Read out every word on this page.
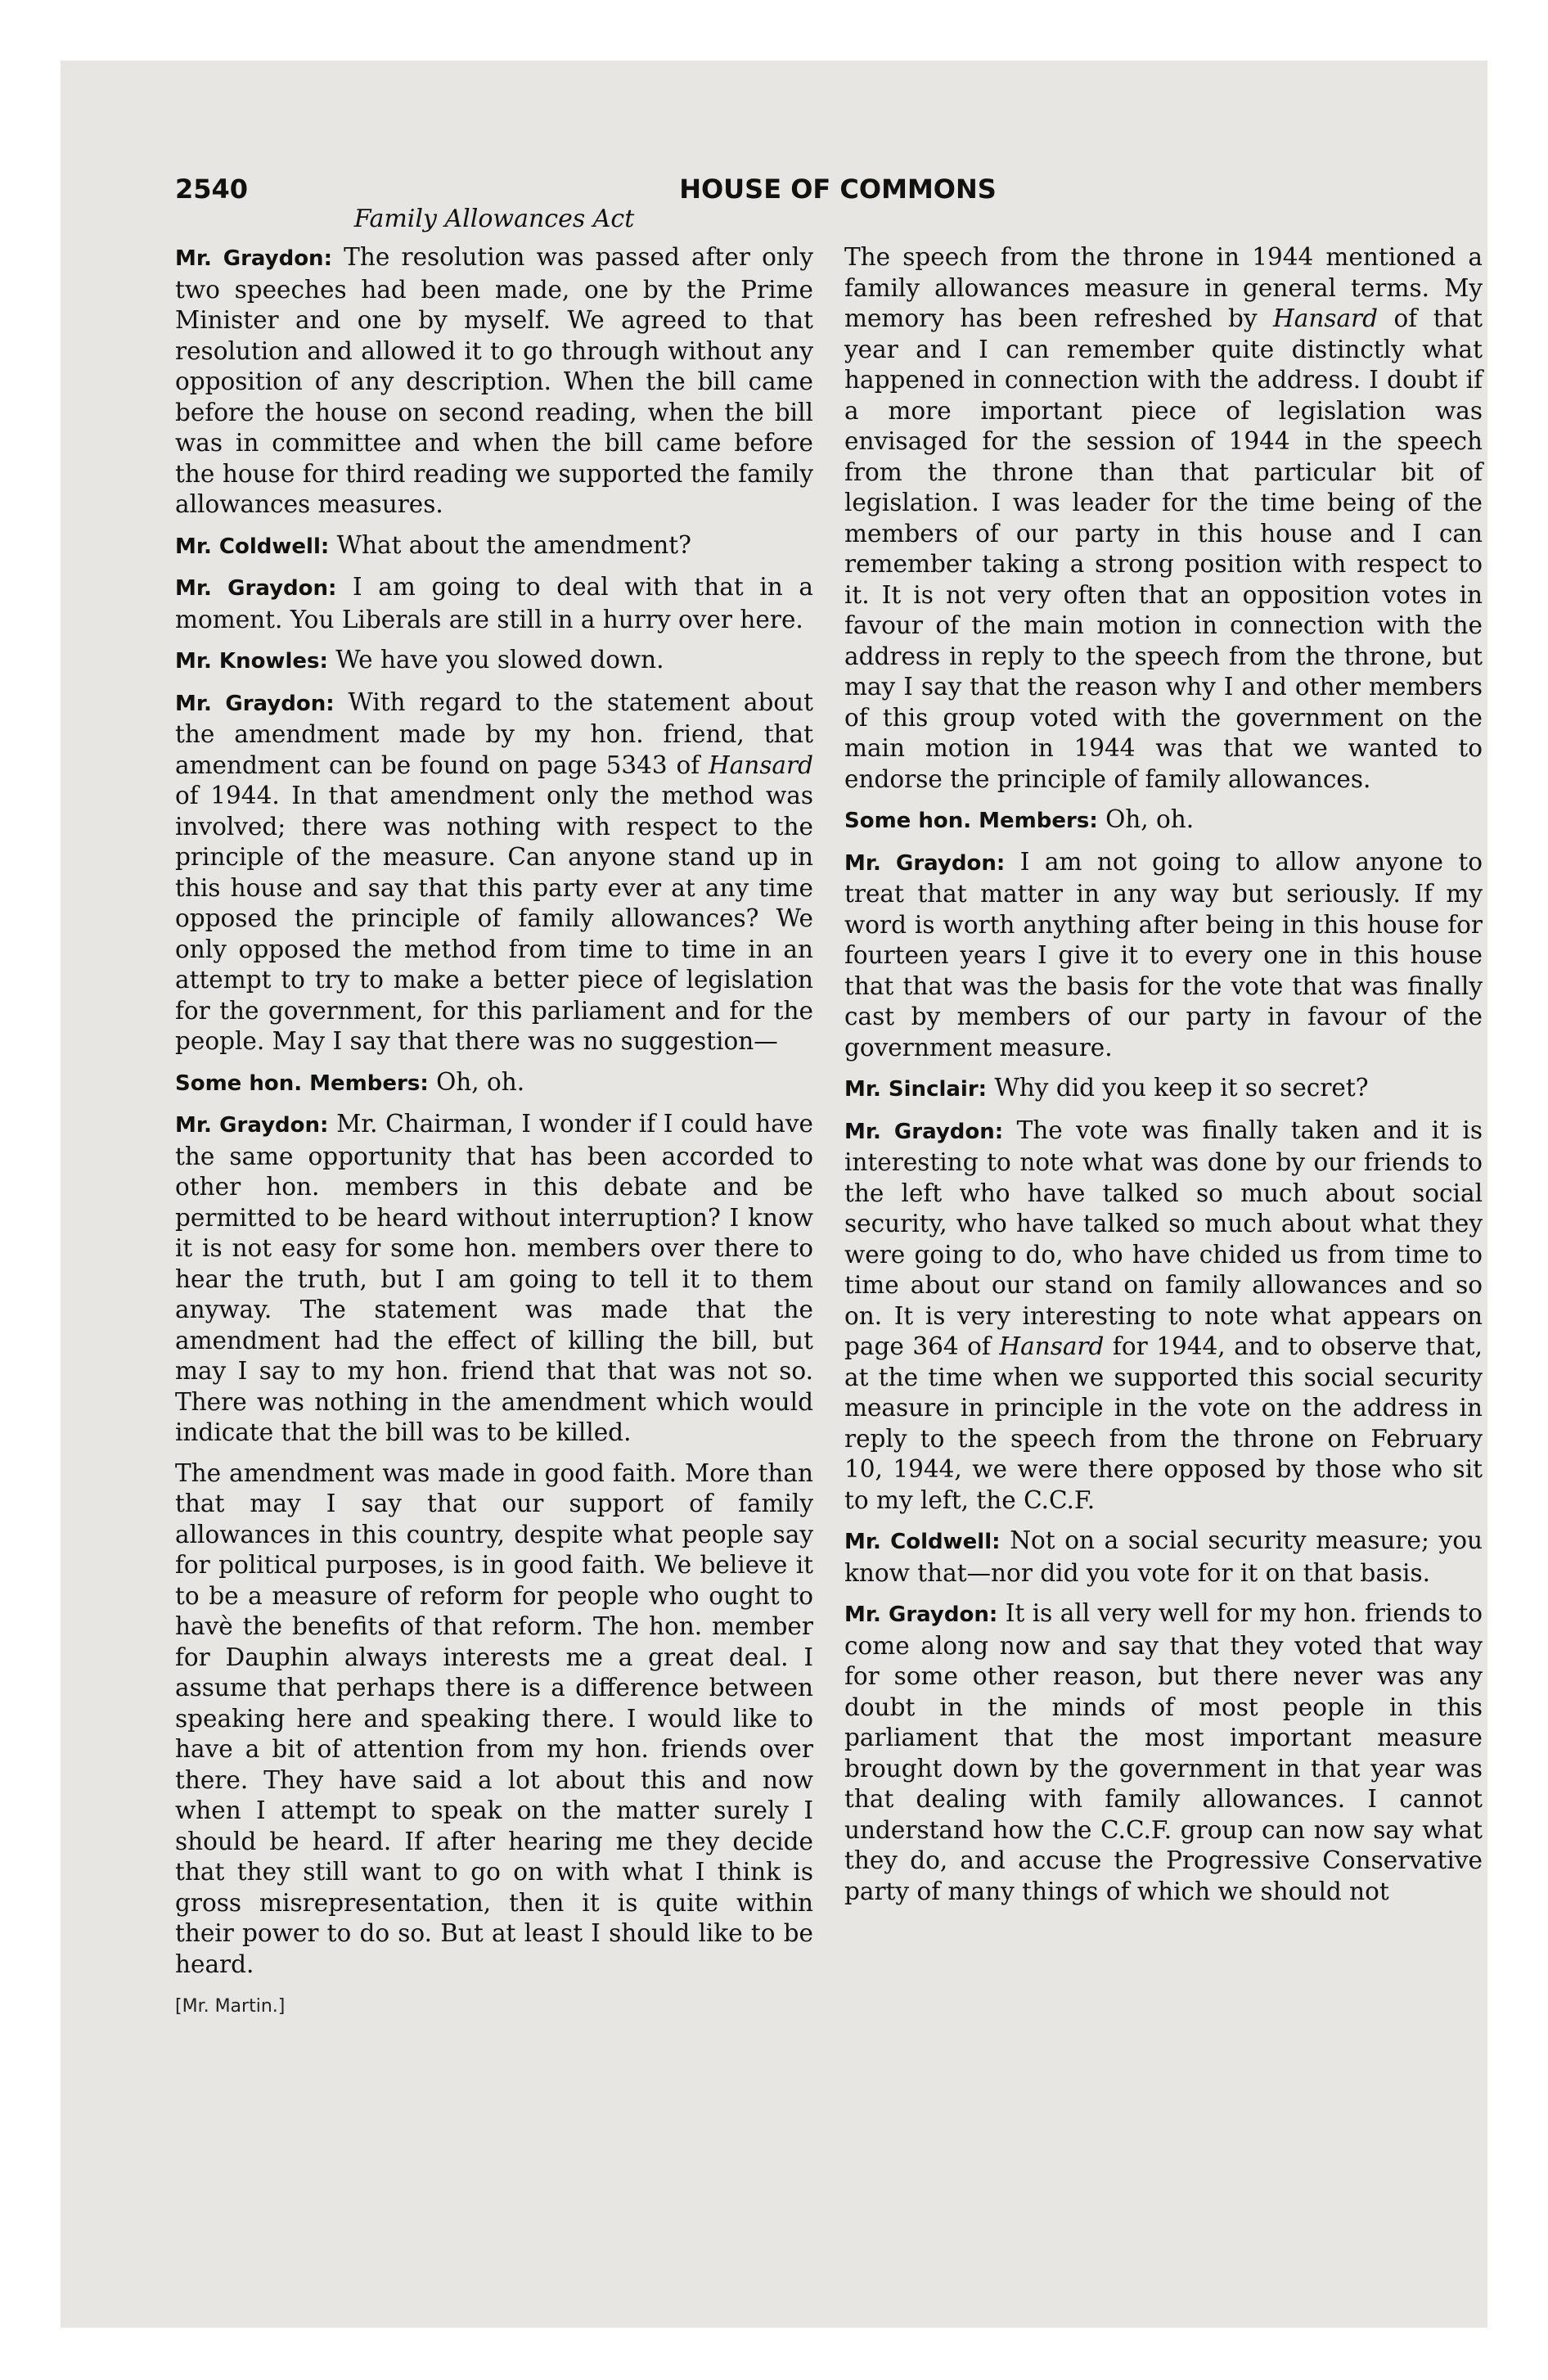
2540	HOUSE OF COMMONS
Family Allowances Act

Mr. Graydon: The resolution was passed after only two speeches had been made, one by the Prime Minister and one by myself. We agreed to that resolution and allowed it to go through without any opposition of any description. When the bill came before the house on second reading, when the bill was in committee and when the bill came before the house for third reading we supported the family allowances measures.

Mr. Coldwell: What about the amendment?

Mr. Graydon: I am going to deal with that in a moment. You Liberals are still in a hurry over here.

Mr. Knowles: We have you slowed down.

Mr. Graydon: With regard to the statement about the amendment made by my hon. friend, that amendment can be found on page 5343 of Hansard of 1944. In that amendment only the method was involved; there was nothing with respect to the principle of the measure. Can anyone stand up in this house and say that this party ever at any time opposed the principle of family allowances? We only opposed the method from time to time in an attempt to try to make a better piece of legislation for the government, for this parliament and for the people. May I say that there was no suggestion—

Some hon. Members: Oh, oh.

Mr. Graydon: Mr. Chairman, I wonder if I could have the same opportunity that has been accorded to other hon. members in this debate and be permitted to be heard without interruption? I know it is not easy for some hon. members over there to hear the truth, but I am going to tell it to them anyway. The statement was made that the amendment had the effect of killing the bill, but may I say to my hon. friend that that was not so. There was nothing in the amendment which would indicate that the bill was to be killed.

The amendment was made in good faith. More than that may I say that our support of family allowances in this country, despite what people say for political purposes, is in good faith. We believe it to be a measure of reform for people who ought to havè the benefits of that reform. The hon. member for Dauphin always interests me a great deal. I assume that perhaps there is a difference between speaking here and speaking there. I would like to have a bit of attention from my hon. friends over there. They have said a lot about this and now when I attempt to speak on the matter surely I should be heard. If after hearing me they decide that they still want to go on with what I think is gross misrepresentation, then it is quite within their power to do so. But at least I should like to be heard.

[Mr. Martin.]

The speech from the throne in 1944 mentioned a family allowances measure in general terms. My memory has been refreshed by Hansard of that year and I can remember quite distinctly what happened in connection with the address. I doubt if a more important piece of legislation was envisaged for the session of 1944 in the speech from the throne than that particular bit of legislation. I was leader for the time being of the members of our party in this house and I can remember taking a strong position with respect to it. It is not very often that an opposition votes in favour of the main motion in connection with the address in reply to the speech from the throne, but may I say that the reason why I and other members of this group voted with the government on the main motion in 1944 was that we wanted to endorse the principle of family allowances.

Some hon. Members: Oh, oh.

Mr. Graydon: I am not going to allow anyone to treat that matter in any way but seriously. If my word is worth anything after being in this house for fourteen years I give it to every one in this house that that was the basis for the vote that was finally cast by members of our party in favour of the government measure.

Mr. Sinclair: Why did you keep it so secret?

Mr. Graydon: The vote was finally taken and it is interesting to note what was done by our friends to the left who have talked so much about social security, who have talked so much about what they were going to do, who have chided us from time to time about our stand on family allowances and so on. It is very interesting to note what appears on page 364 of Hansard for 1944, and to observe that, at the time when we supported this social security measure in principle in the vote on the address in reply to the speech from the throne on February 10, 1944, we were there opposed by those who sit to my left, the C.C.F.

Mr. Coldwell: Not on a social security measure; you know that—nor did you vote for it on that basis.

Mr. Graydon: It is all very well for my hon. friends to come along now and say that they voted that way for some other reason, but there never was any doubt in the minds of most people in this parliament that the most important measure brought down by the government in that year was that dealing with family allowances. I cannot understand how the C.C.F. group can now say what they do, and accuse the Progressive Conservative party of many things of which we should not
